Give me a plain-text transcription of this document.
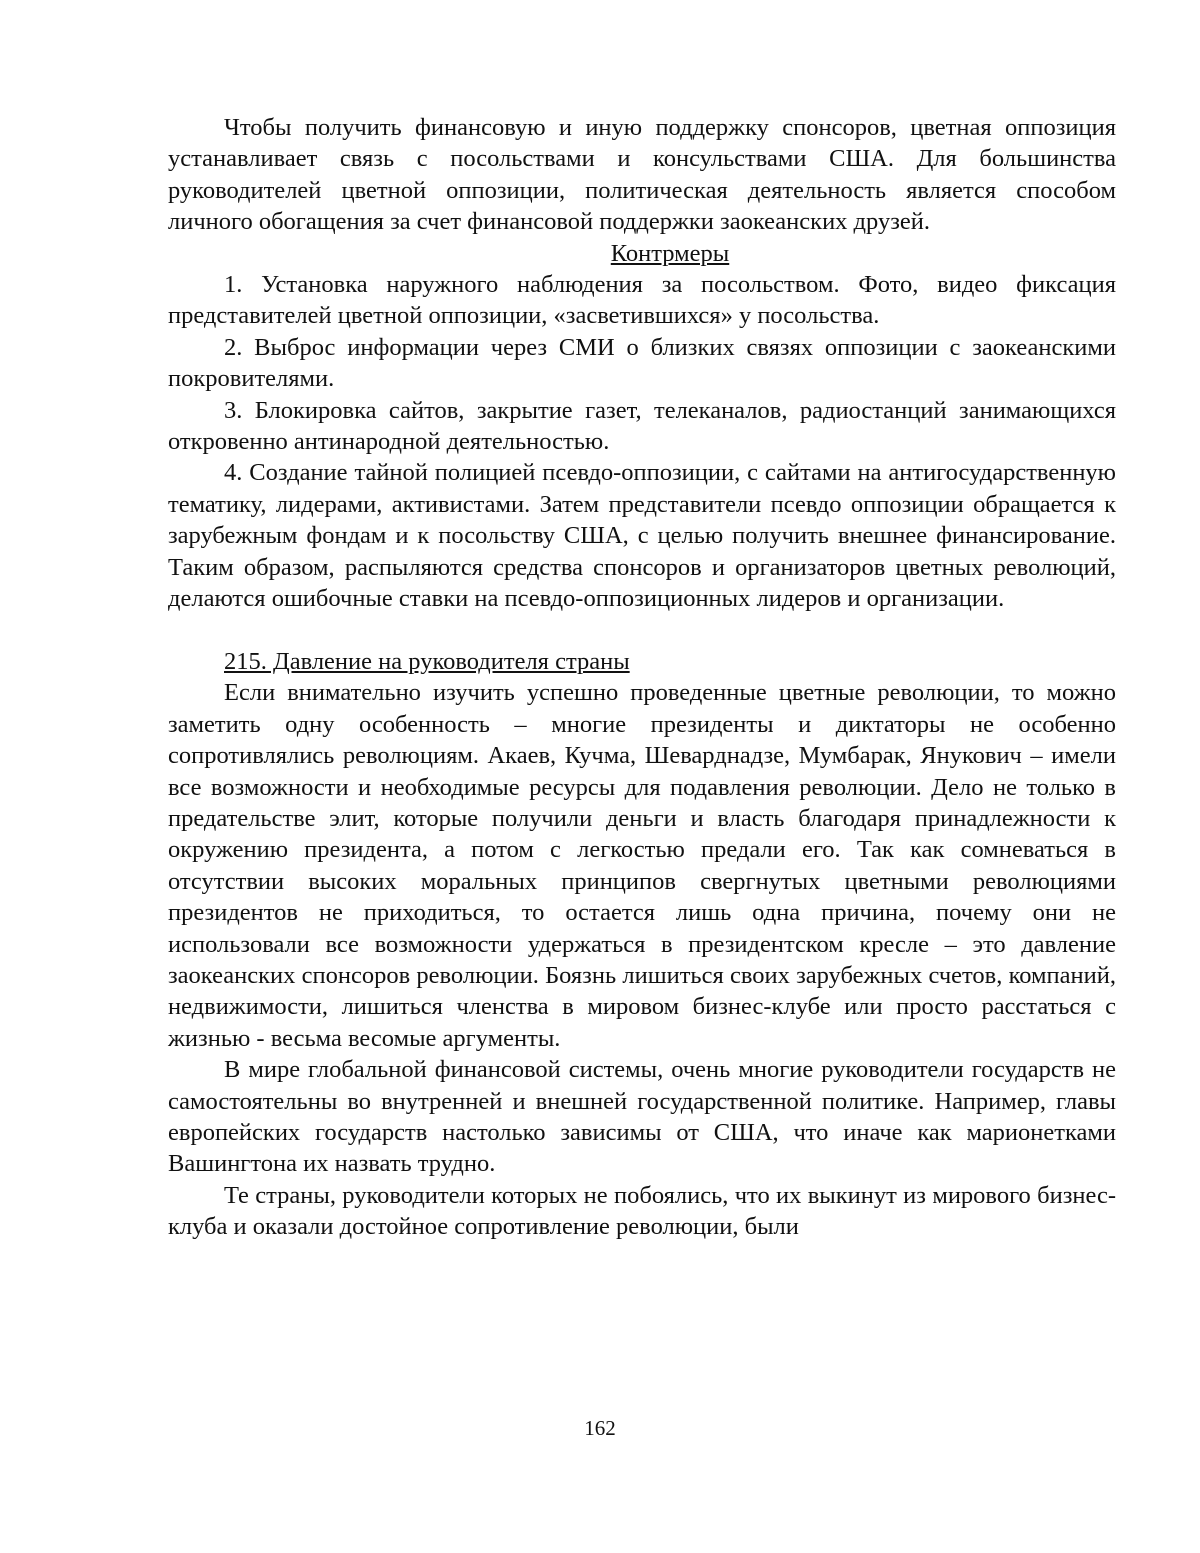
Чтобы получить финансовую и иную поддержку спонсоров, цветная оппозиция устанавливает связь с посольствами и консульствами США. Для большинства руководителей цветной оппозиции, политическая деятельность является способом личного обогащения за счет финансовой поддержки заокеанских друзей.

Контрмеры

1. Установка наружного наблюдения за посольством. Фото, видео фиксация представителей цветной оппозиции, «засветившихся» у посольства.

2. Выброс информации через СМИ о близких связях оппозиции с заокеанскими покровителями.

3. Блокировка сайтов, закрытие газет, телеканалов, радиостанций занимающихся откровенно антинародной деятельностью.

4. Создание тайной полицией псевдо-оппозиции, с сайтами на антигосударственную тематику, лидерами, активистами. Затем представители псевдо оппозиции обращается к зарубежным фондам и к посольству США, с целью получить внешнее финансирование. Таким образом, распыляются средства спонсоров и организаторов цветных революций, делаются ошибочные ставки на псевдо-оппозиционных лидеров и организации.

215. Давление на руководителя страны

Если внимательно изучить успешно проведенные цветные революции, то можно заметить одну особенность – многие президенты и диктаторы не особенно сопротивлялись революциям. Акаев, Кучма, Шеварднадзе, Мумбарак, Янукович – имели все возможности и необходимые ресурсы для подавления революции. Дело не только в предательстве элит, которые получили деньги и власть благодаря принадлежности к окружению президента, а потом с легкостью предали его. Так как сомневаться в отсутствии высоких моральных принципов свергнутых цветными революциями президентов не приходиться, то остается лишь одна причина, почему они не использовали все возможности удержаться в президентском кресле – это давление заокеанских спонсоров революции. Боязнь лишиться своих зарубежных счетов, компаний, недвижимости, лишиться членства в мировом бизнес-клубе или просто расстаться с жизнью - весьма весомые аргументы.

В мире глобальной финансовой системы, очень многие руководители государств не самостоятельны во внутренней и внешней государственной политике. Например, главы европейских государств настолько зависимы от США, что иначе как марионетками Вашингтона их назвать трудно.

Те страны, руководители которых не побоялись, что их выкинут из мирового бизнес-клуба и оказали достойное сопротивление революции, были

162
